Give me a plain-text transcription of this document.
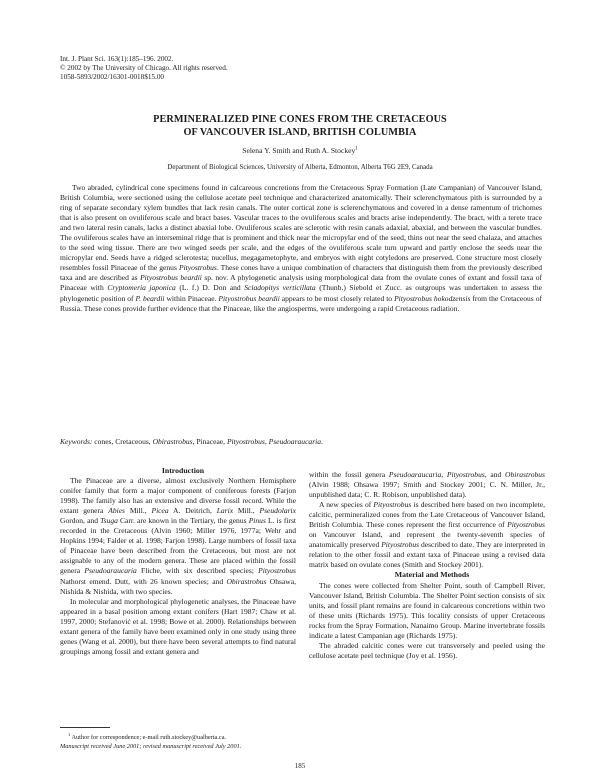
Int. J. Plant Sci. 163(1):185–196. 2002.
© 2002 by The University of Chicago. All rights reserved.
1058-5893/2002/16301-0018$15.00
PERMINERALIZED PINE CONES FROM THE CRETACEOUS
OF VANCOUVER ISLAND, BRITISH COLUMBIA
Selena Y. Smith and Ruth A. Stockey$^1$
Department of Biological Sciences, University of Alberta, Edmonton, Alberta T6G 2E9, Canada

Two abraded, cylindrical cone specimens found in calcareous concretions from the Cretaceous Spray Formation (Late Campanian) of Vancouver Island, British Columbia, were sectioned using the cellulose acetate peel technique and characterized anatomically. Their sclerenchymatous pith is surrounded by a ring of separate secondary xylem bundles that lack resin canals. The outer cortical zone is sclerenchymatous and covered in a dense ramentum of trichomes that is also present on ovuliferous scale and bract bases. Vascular traces to the ovuliferous scales and bracts arise independently. The bract, with a terete trace and two lateral resin canals, lacks a distinct abaxial lobe. Ovuliferous scales are sclerotic with resin canals adaxial, abaxial, and between the vascular bundles. The ovuliferous scales have an interseminal ridge that is prominent and thick near the micropylar end of the seed, thins out near the seed chalaza, and attaches to the seed wing tissue. There are two winged seeds per scale, and the edges of the ovuliferous scale turn upward and partly enclose the seeds near the micropylar end. Seeds have a ridged sclerotesta; nucellus, megagametophyte, and embryos with eight cotyledons are preserved. Cone structure most closely resembles fossil Pinaceae of the genus Pityostrobus. These cones have a unique combination of characters that distinguish them from the previously described taxa and are described as Pityostrobus beardii sp. nov. A phylogenetic analysis using morphological data from the ovulate cones of extant and fossil taxa of Pinaceae with Cryptomeria japonica (L. f.) D. Don and Sciadopitys verticillata (Thunb.) Siebold et Zucc. as outgroups was undertaken to assess the phylogenetic position of P. beardii within Pinaceae. Pityostrobus beardii appears to be most closely related to Pityostrobus hokodzensis from the Cretaceous of Russia. These cones provide further evidence that the Pinaceae, like the angiosperms, were undergoing a rapid Cretaceous radiation.

Keywords: cones, Cretaceous, Obirastrobus, Pinaceae, Pityostrobus, Pseudoaraucaria.

Introduction

The Pinaceae are a diverse, almost exclusively Northern Hemisphere conifer family that form a major component of coniferous forests (Farjon 1998). The family also has an extensive and diverse fossil record. While the extant genera Abies Mill., Picea A. Deitrich, Larix Mill., Pseudolarix Gordon, and Tsuga Carr. are known in the Tertiary, the genus Pinus L. is first recorded in the Cretaceous (Alvin 1960; Miller 1976, 1977a; Wehr and Hopkins 1994; Falder et al. 1998; Farjon 1998). Large numbers of fossil taxa of Pinaceae have been described from the Cretaceous, but most are not assignable to any of the modern genera. These are placed within the fossil genera Pseudoaraucaria Fliche, with six described species; Pityostrobus Nathorst emend. Dutt, with 26 known species; and Obirastrobus Ohsawa, Nishida & Nishida, with two species.

In molecular and morphological phylogenetic analyses, the Pinaceae have appeared in a basal position among extant conifers (Hart 1987; Chaw et al. 1997, 2000; Stefanović et al. 1998; Bowe et al. 2000). Relationships between extant genera of the family have been examined only in one study using three genes (Wang et al. 2000), but there have been several attempts to find natural groupings among fossil and extant genera and

within the fossil genera Pseudoaraucaria, Pityostrobus, and Obirastrobus (Alvin 1988; Ohsawa 1997; Smith and Stockey 2001; C. N. Miller, Jr., unpublished data; C. R. Robison, unpublished data).

A new species of Pityostrobus is described here based on two incomplete, calcitic, permineralized cones from the Late Cretaceous of Vancouver Island, British Columbia. These cones represent the first occurrence of Pityostrobus on Vancouver Island, and represent the twenty-seventh species of anatomically preserved Pityostrobus described to date. They are interpreted in relation to the other fossil and extant taxa of Pinaceae using a revised data matrix based on ovulate cones (Smith and Stockey 2001).

Material and Methods

The cones were collected from Shelter Point, south of Campbell River, Vancouver Island, British Columbia. The Shelter Point section consists of six units, and fossil plant remains are found in calcareous concretions within two of these units (Richards 1975). This locality consists of upper Cretaceous rocks from the Spray Formation, Nanaimo Group. Marine invertebrate fossils indicate a latest Campanian age (Richards 1975).

The abraded calcitic cones were cut transversely and peeled using the cellulose acetate peel technique (Joy et al. 1956).

$^1$ Author for correspondence; e-mail ruth.stockey@ualberta.ca.

Manuscript received June 2001; revised manuscript received July 2001.

185
